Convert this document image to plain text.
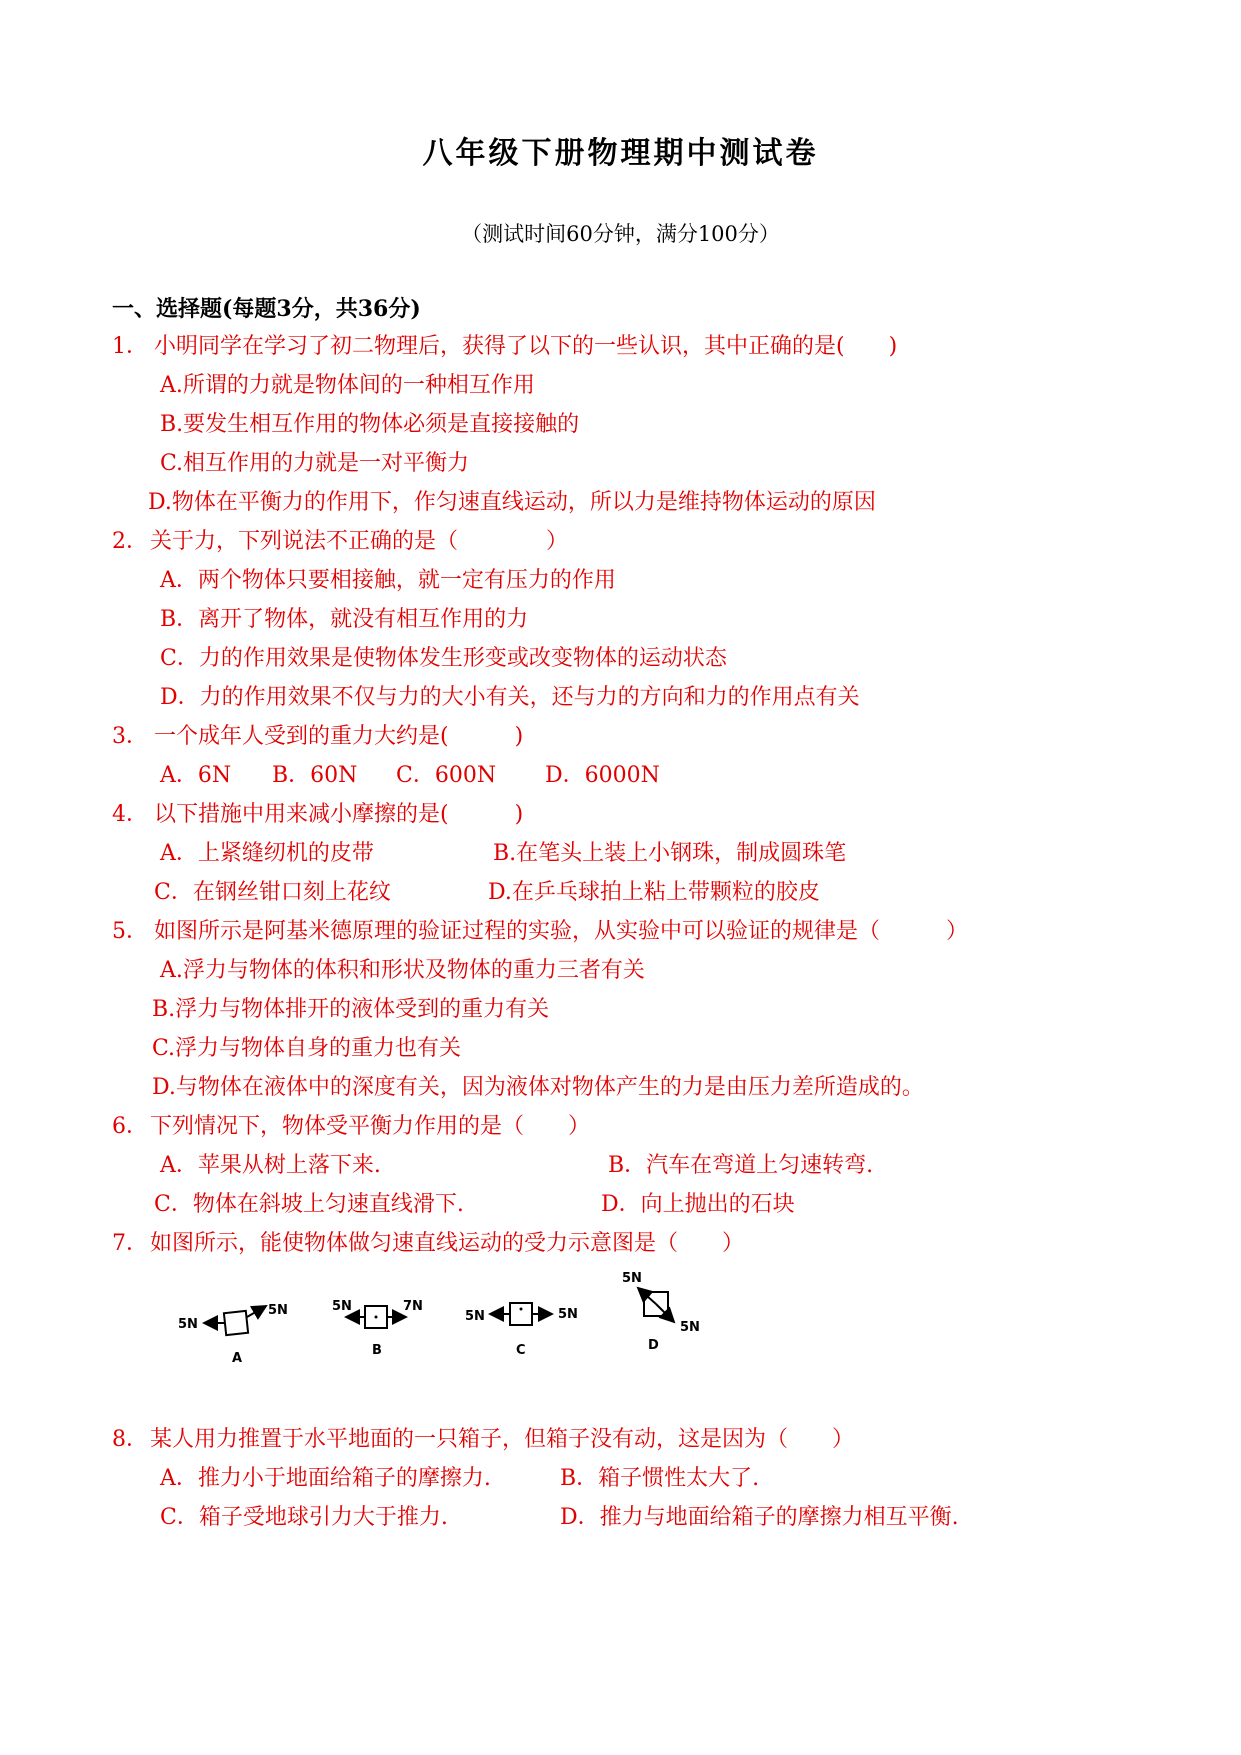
八年级下册物理期中测试卷
（测试时间60分钟，满分100分）
一、选择题(每题3分，共36分)
1． 小明同学在学习了初二物理后，获得了以下的一些认识，其中正确的是(　　)
A.所谓的力就是物体间的一种相互作用
B.要发生相互作用的物体必须是直接接触的
C.相互作用的力就是一对平衡力
D.物体在平衡力的作用下，作匀速直线运动，所以力是维持物体运动的原因
2．关于力，下列说法不正确的是（　　　　）
A．两个物体只要相接触，就一定有压力的作用
B．离开了物体，就没有相互作用的力
C．力的作用效果是使物体发生形变或改变物体的运动状态
D．力的作用效果不仅与力的大小有关，还与力的方向和力的作用点有关
3． 一个成年人受到的重力大约是(　　　)
A．6N B．60N C．600N D．6000N
4． 以下措施中用来减小摩擦的是(　　　)
A．上紧缝纫机的皮带	B.在笔头上装上小钢珠，制成圆珠笔
C．在钢丝钳口刻上花纹	D.在乒乓球拍上粘上带颗粒的胶皮
5． 如图所示是阿基米德原理的验证过程的实验，从实验中可以验证的规律是（　　　）
A.浮力与物体的体积和形状及物体的重力三者有关
B.浮力与物体排开的液体受到的重力有关
C.浮力与物体自身的重力也有关
D.与物体在液体中的深度有关，因为液体对物体产生的力是由压力差所造成的。
6．下列情况下，物体受平衡力作用的是（　　）
A．苹果从树上落下来.	B．汽车在弯道上匀速转弯.
C．物体在斜坡上匀速直线滑下.	D．向上抛出的石块
7．如图所示，能使物体做匀速直线运动的受力示意图是（　　）
5N
5N
A
5N	7N
B
5N	5N
C
5N
5N
D
8．某人用力推置于水平地面的一只箱子，但箱子没有动，这是因为（　　）
A．推力小于地面给箱子的摩擦力.	B．箱子惯性太大了.
C．箱子受地球引力大于推力.	D．推力与地面给箱子的摩擦力相互平衡.
